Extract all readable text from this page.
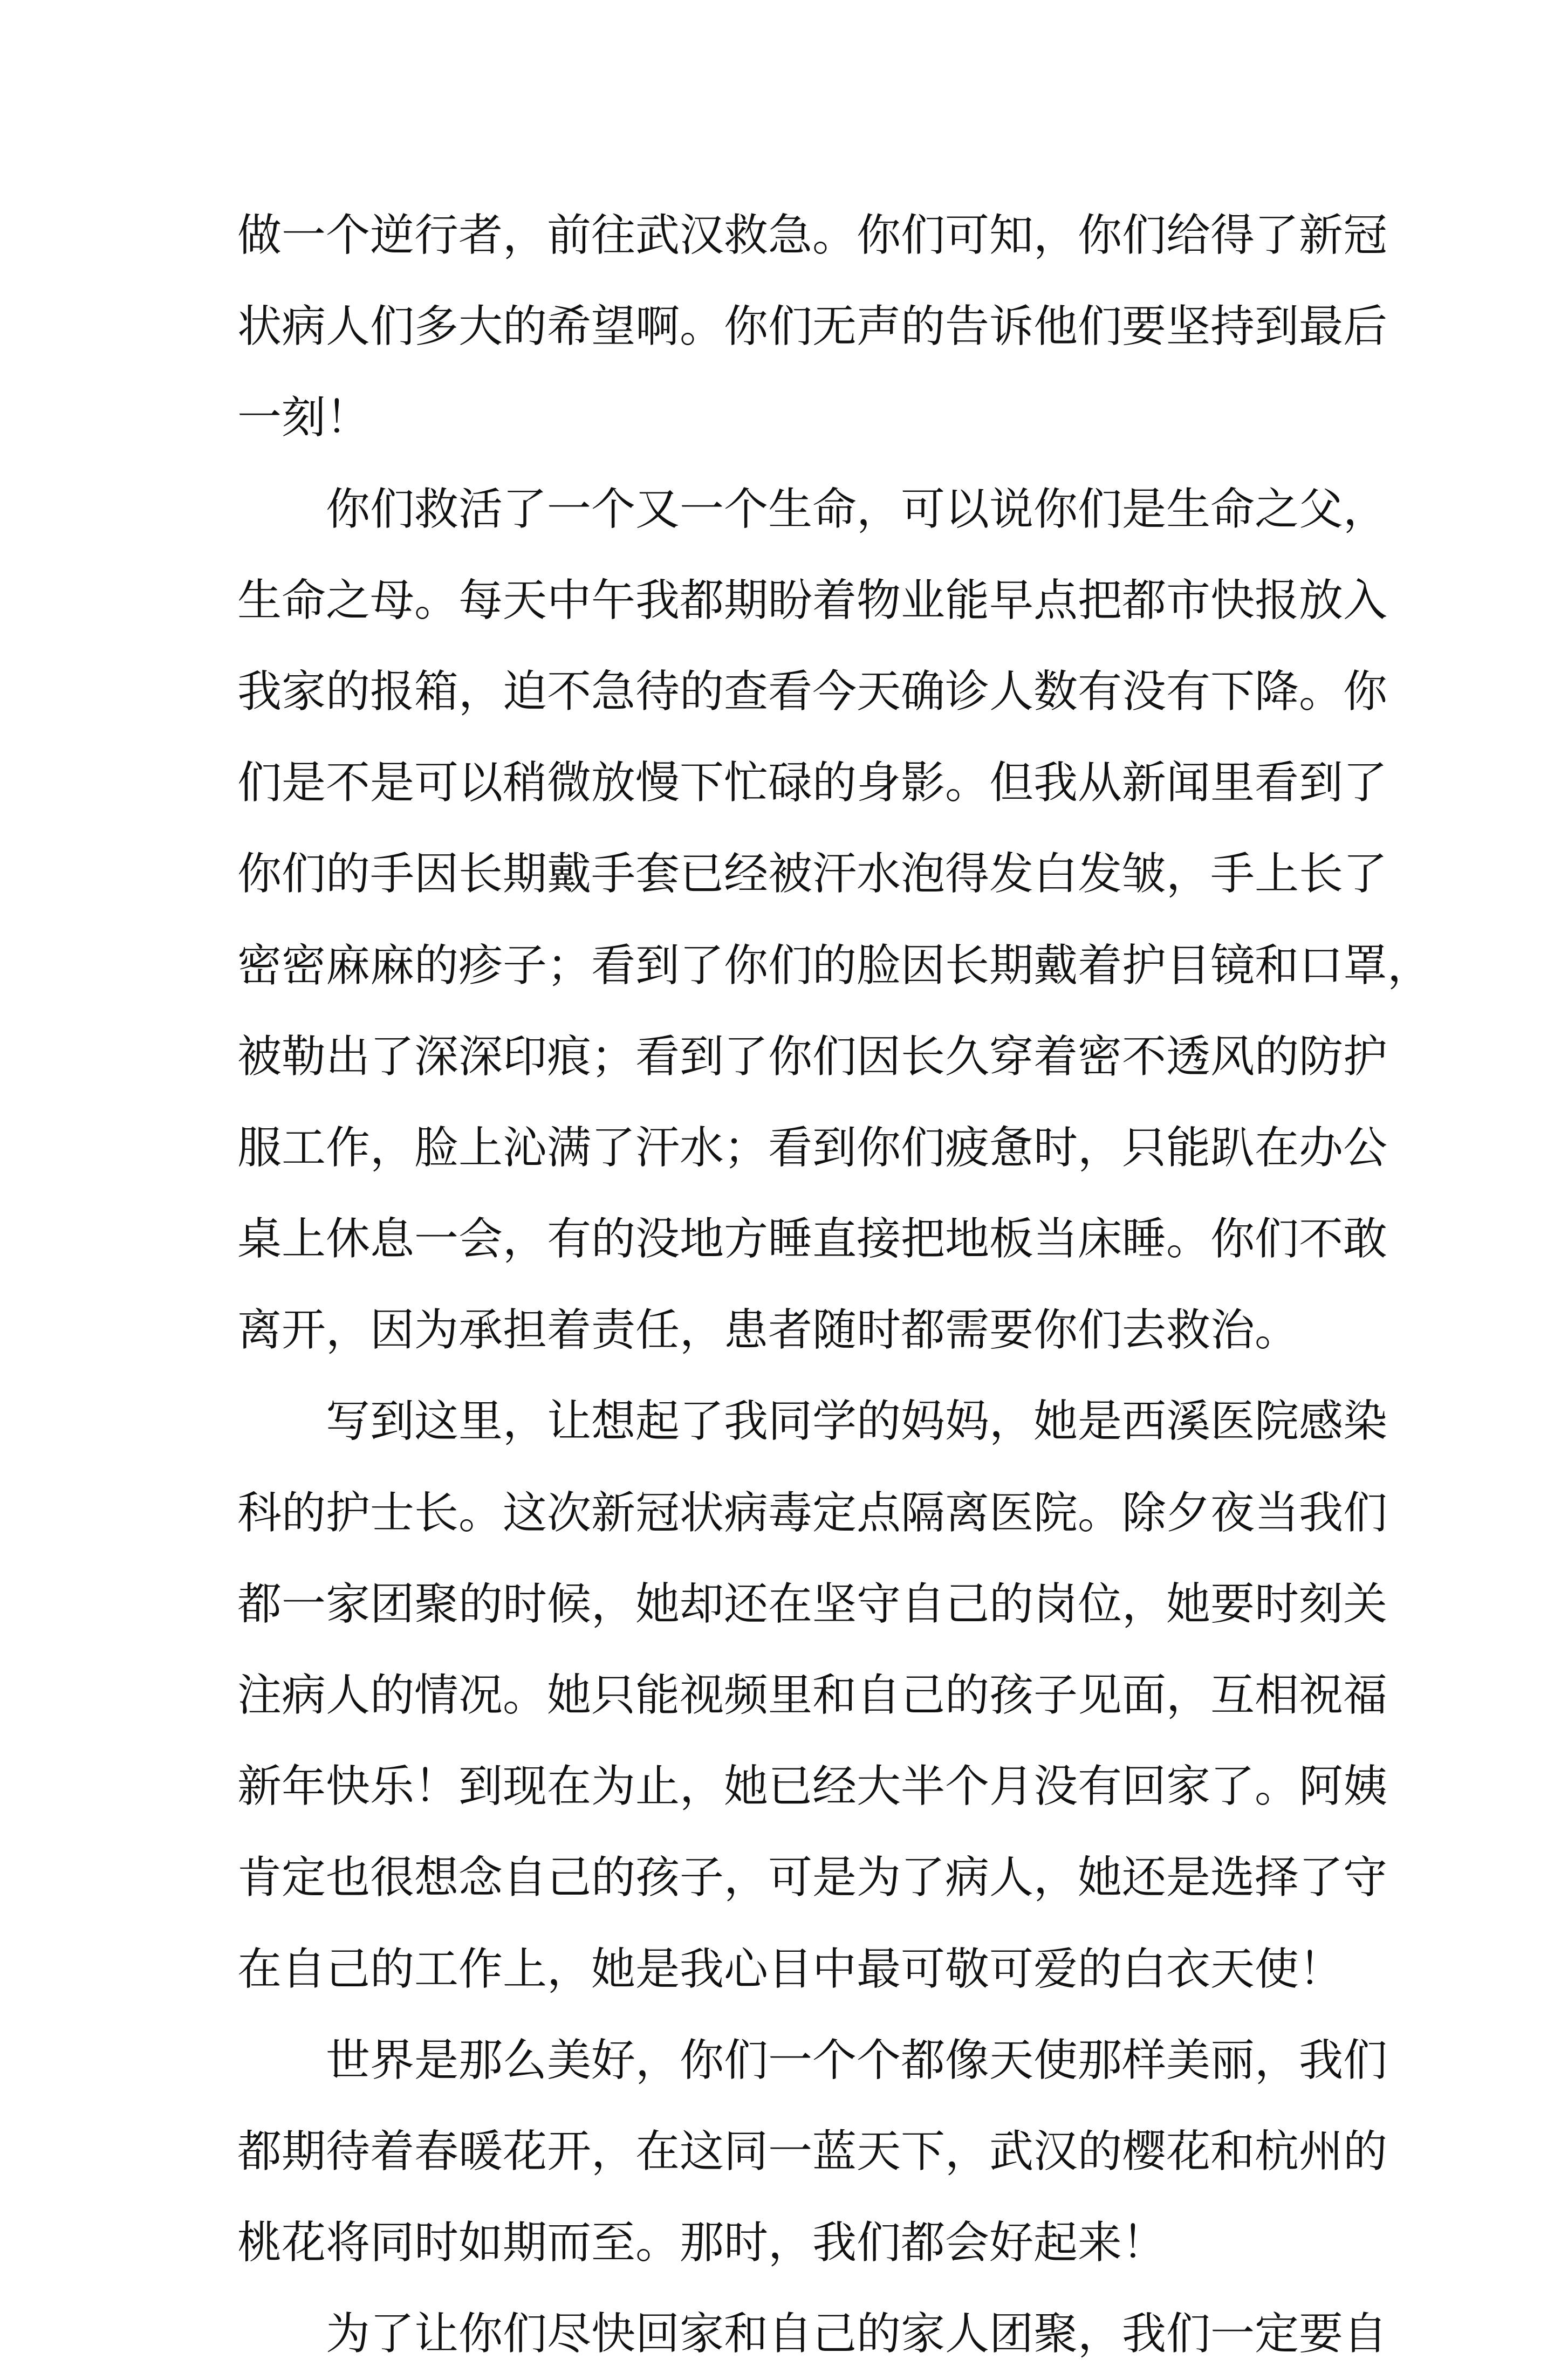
做一个逆行者，前往武汉救急。你们可知，你们给得了新冠
状病人们多大的希望啊。你们无声的告诉他们要坚持到最后
一刻！
你们救活了一个又一个生命，可以说你们是生命之父，
生命之母。每天中午我都期盼着物业能早点把都市快报放入
我家的报箱，迫不急待的查看今天确诊人数有没有下降。你
们是不是可以稍微放慢下忙碌的身影。但我从新闻里看到了
你们的手因长期戴手套已经被汗水泡得发白发皱，手上长了
密密麻麻的疹子；看到了你们的脸因长期戴着护目镜和口罩，
被勒出了深深印痕；看到了你们因长久穿着密不透风的防护
服工作，脸上沁满了汗水；看到你们疲惫时，只能趴在办公
桌上休息一会，有的没地方睡直接把地板当床睡。你们不敢
离开，因为承担着责任，患者随时都需要你们去救治。
写到这里，让想起了我同学的妈妈，她是西溪医院感染
科的护士长。这次新冠状病毒定点隔离医院。除夕夜当我们
都一家团聚的时候，她却还在坚守自己的岗位，她要时刻关
注病人的情况。她只能视频里和自己的孩子见面，互相祝福
新年快乐！到现在为止，她已经大半个月没有回家了。阿姨
肯定也很想念自己的孩子，可是为了病人，她还是选择了守
在自己的工作上，她是我心目中最可敬可爱的白衣天使！
世界是那么美好，你们一个个都像天使那样美丽，我们
都期待着春暖花开，在这同一蓝天下，武汉的樱花和杭州的
桃花将同时如期而至。那时，我们都会好起来！
为了让你们尽快回家和自己的家人团聚，我们一定要自
